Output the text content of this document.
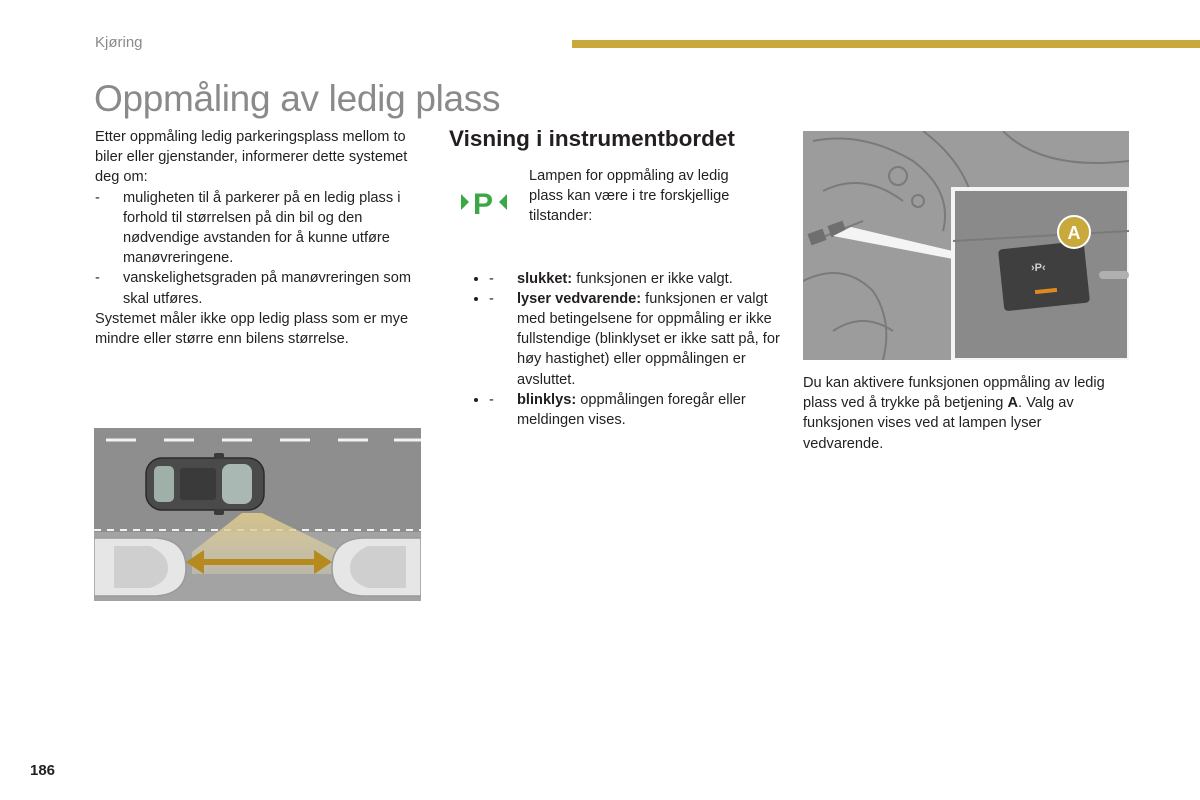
Kjøring
Oppmåling av ledig plass

Etter oppmåling ledig parkeringsplass mellom to biler eller gjenstander, informerer dette systemet deg om:

- muligheten til å parkerer på en ledig plass i forhold til størrelsen på din bil og den nødvendige avstanden for å kunne utføre manøvreringene.
- vanskelighetsgraden på manøvreringen som skal utføres.

Systemet måler ikke opp ledig plass som er mye mindre eller større enn bilens størrelse.

Visning i instrumentbordet
P
Lampen for oppmåling av ledig plass kan være i tre forskjellige tilstander:
• - slukket: funksjonen er ikke valgt.
• - lyser vedvarende: funksjonen er valgt med betingelsene for oppmåling er ikke fullstendige (blinklyset er ikke satt på, for høy hastighet) eller oppmålingen er avsluttet.
• - blinklys: oppmålingen foregår eller meldingen vises.
›P‹
A
Du kan aktivere funksjonen oppmåling av ledig plass ved å trykke på betjening A. Valg av funksjonen vises ved at lampen lyser vedvarende.
186
